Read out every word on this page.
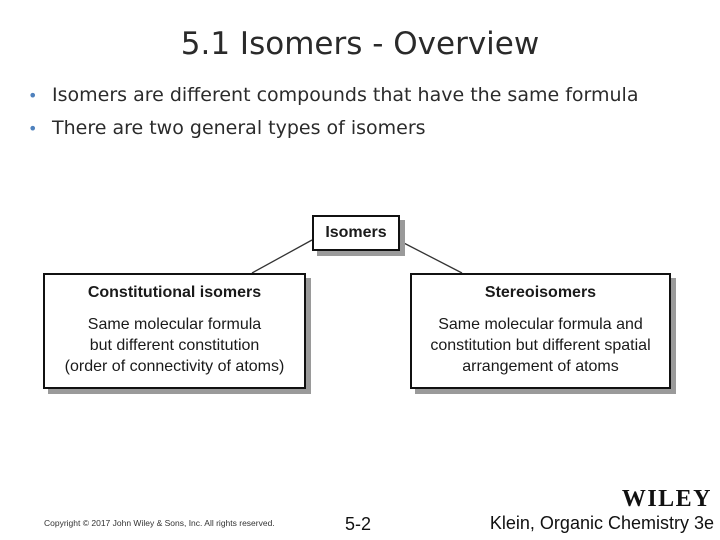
5.1 Isomers - Overview
• Isomers are different compounds that have the same formula
• There are two general types of isomers
Isomers
Constitutional isomers
Same molecular formula
but different constitution
(order of connectivity of atoms)
Stereoisomers
Same molecular formula and
constitution but different spatial
arrangement of atoms
WILEY
Copyright © 2017 John Wiley & Sons, Inc. All rights reserved.	5-2	Klein, Organic Chemistry 3e
